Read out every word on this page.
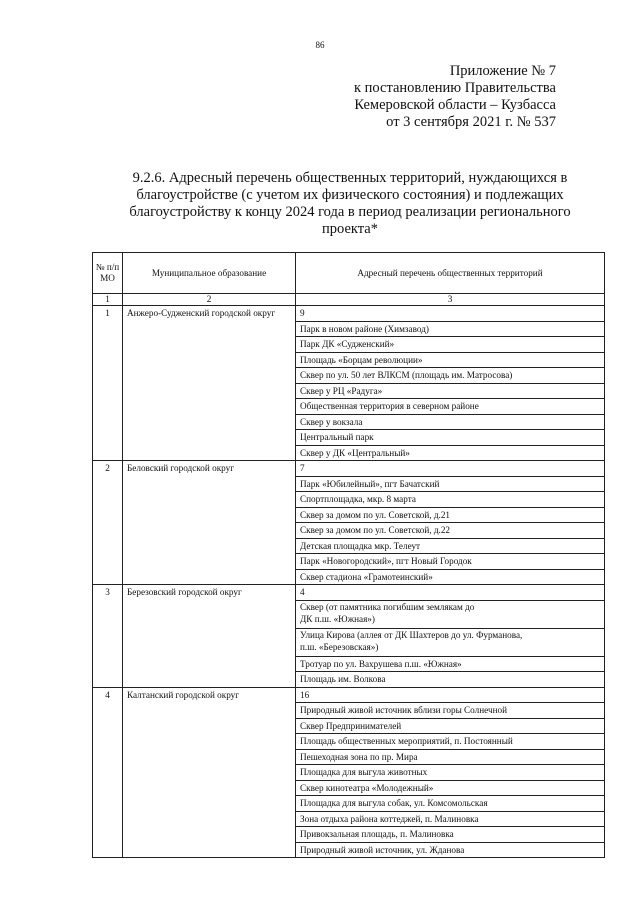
86
Приложение № 7
к постановлению Правительства
Кемеровской области – Кузбасса
от 3 сентября 2021 г. № 537
9.2.6. Адресный перечень общественных территорий, нуждающихся в благоустройстве (с учетом их физического состояния) и подлежащих благоустройству к концу 2024 года в период реализации регионального проекта*
№ п/п МО	Муниципальное образование	Адресный перечень общественных территорий
1	2	3
1	Анжеро-Судженский городской округ	9
		Парк в новом районе (Химзавод)
		Парк ДК «Судженский»
		Площадь «Борцам революции»
		Сквер по ул. 50 лет ВЛКСМ (площадь им. Матросова)
		Сквер у РЦ «Радуга»
		Общественная территория в северном районе
		Сквер у вокзала
		Центральный парк
		Сквер у ДК «Центральный»
2	Беловский городской округ	7
		Парк «Юбилейный», пгт Бачатский
		Спортплощадка, мкр. 8 марта
		Сквер за домом по ул. Советской, д.21
		Сквер за домом по ул. Советской, д.22
		Детская площадка мкр. Телеут
		Парк «Новогородский», пгт Новый Городок
		Сквер стадиона «Грамотеинский»
3	Березовский городской округ	4

		Сквер (от памятника погибшим землякам до
ДК п.ш. «Южная»)

		Улица Кирова (аллея от ДК Шахтеров до ул. Фурманова,
п.ш. «Березовская»)

		Тротуар по ул. Вахрушева п.ш. «Южная»
		Площадь им. Волкова
4	Калтанский городской округ	16
		Природный живой источник вблизи горы Солнечной
		Сквер Предпринимателей
		Площадь общественных мероприятий, п. Постоянный
		Пешеходная зона по пр. Мира
		Площадка для выгула животных
		Сквер кинотеатра «Молодежный»
		Площадка для выгула собак, ул. Комсомольская
		Зона отдыха района коттеджей, п. Малиновка
		Привокзальная площадь, п. Малиновка
		Природный живой источник, ул. Жданова
